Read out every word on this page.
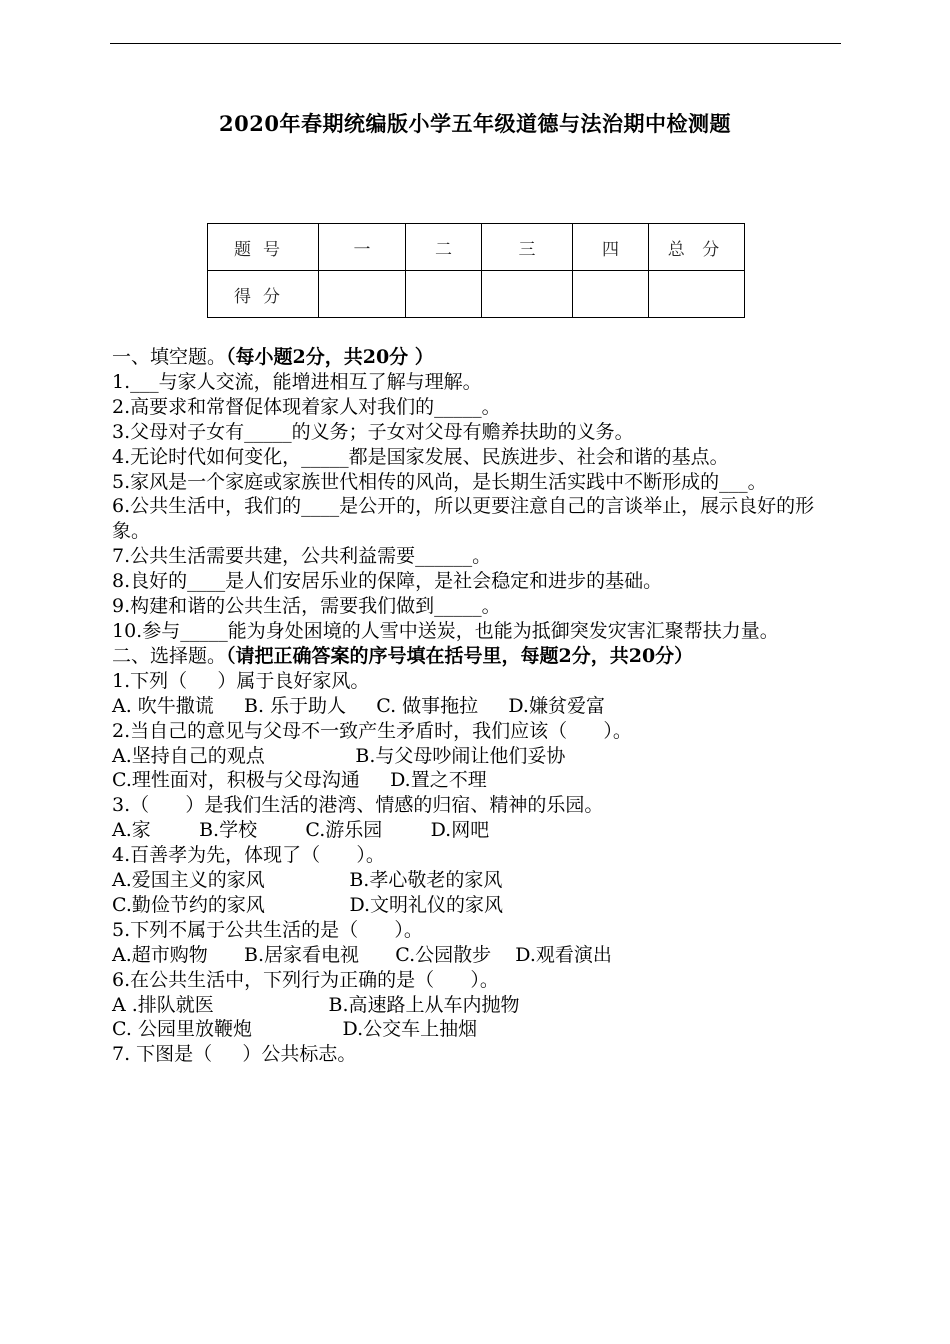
2020年春期统编版小学五年级道德与法治期中检测题
题号	一	二	三	四	总 分
得分					
一、填空题。（每小题2分，共20分 ）
1.___与家人交流，能增进相互了解与理解。
2.高要求和常督促体现着家人对我们的_____。
3.父母对子女有_____的义务；子女对父母有赡养扶助的义务。
4.无论时代如何变化，_____都是国家发展、民族进步、社会和谐的基点。
5.家风是一个家庭或家族世代相传的风尚，是长期生活实践中不断形成的___。
6.公共生活中，我们的____是公开的，所以更要注意自己的言谈举止，展示良好的形象。
7.公共生活需要共建，公共利益需要______。
8.良好的____是人们安居乐业的保障，是社会稳定和进步的基础。
9.构建和谐的公共生活，需要我们做到_____。
10.参与_____能为身处困境的人雪中送炭，也能为抵御突发灾害汇聚帮扶力量。
二、选择题。（请把正确答案的序号填在括号里，每题2分，共20分）
1.下列（     ）属于良好家风。
A. 吹牛撒谎     B. 乐于助人     C. 做事拖拉     D.嫌贫爱富
2.当自己的意见与父母不一致产生矛盾时，我们应该（      ）。
A.坚持自己的观点               B.与父母吵闹让他们妥协
C.理性面对，积极与父母沟通     D.置之不理
3.（      ）是我们生活的港湾、情感的归宿、精神的乐园。
A.家        B.学校        C.游乐园        D.网吧
4.百善孝为先，体现了（      ）。
A.爱国主义的家风              B.孝心敬老的家风
C.勤俭节约的家风              D.文明礼仪的家风
5.下列不属于公共生活的是（      ）。
A.超市购物      B.居家看电视      C.公园散步    D.观看演出
6.在公共生活中，下列行为正确的是（      ）。
A .排队就医                   B.高速路上从车内抛物
C. 公园里放鞭炮               D.公交车上抽烟
7. 下图是（     ）公共标志。
